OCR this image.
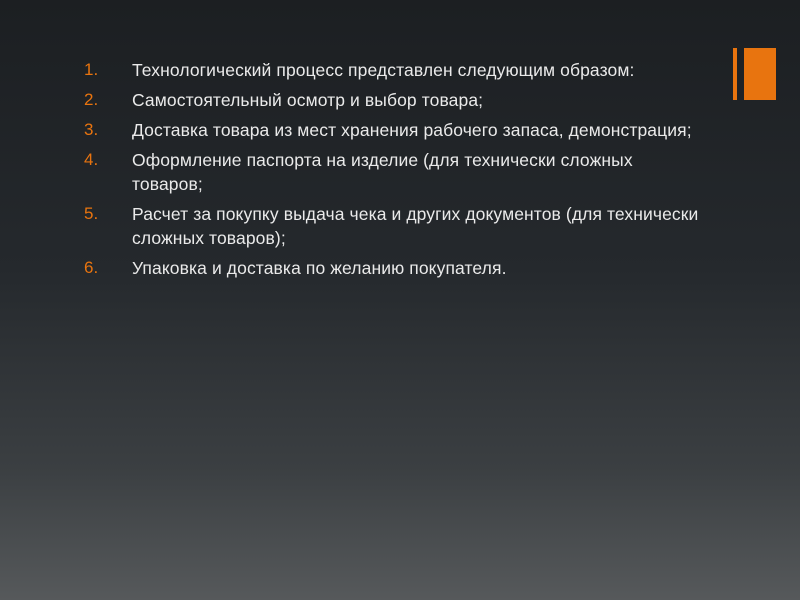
1.	Технологический процесс представлен следующим образом:
2.	Самостоятельный осмотр и выбор товара;
3.	Доставка товара из мест хранения рабочего запаса, демонстрация;
4.	Оформление паспорта на изделие (для технически сложных товаров;
5.	Расчет за покупку выдача чека и других документов (для технически сложных товаров);
6.	Упаковка и доставка по желанию покупателя.
